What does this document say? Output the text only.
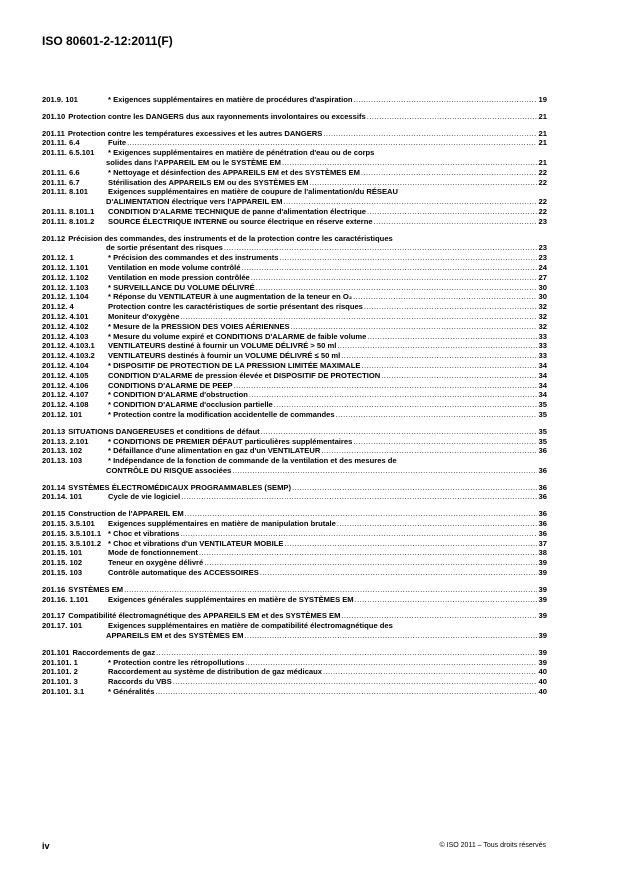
ISO 80601-2-12:2011(F)
201.9. 101	* Exigences supplémentaires en matière de procédures d'aspiration .....	19
201.10 Protection contre les DANGERS dus aux rayonnements involontaires ou excessifs .....	21
201.11 Protection contre les températures excessives et les autres DANGERS .....	21
201.11. 6.4	Fuite .....	21
201.11. 6.5.101	* Exigences supplémentaires en matière de pénétration d'eau ou de corps
solides dans l'APPAREIL EM ou le SYSTÈME EM .....	21
201.11. 6.6	* Nettoyage et désinfection des APPAREILS EM et des SYSTÈMES EM .....	22
201.11. 6.7	Stérilisation des APPAREILS EM ou des SYSTÈMES EM .....	22
201.11. 8.101	Exigences supplémentaires en matière de coupure de l'alimentation/du RÉSEAU
D'ALIMENTATION électrique vers l'APPAREIL EM .....	22
201.11. 8.101.1	CONDITION D'ALARME TECHNIQUE de panne d'alimentation électrique .....	22
201.11. 8.101.2	SOURCE ÉLECTRIQUE INTERNE ou source électrique en réserve externe .....	23
201.12 Précision des commandes, des instruments et de la protection contre les caractéristiques
de sortie présentant des risques .....	23
201.12. 1	* Précision des commandes et des instruments .....	23
201.12. 1.101	Ventilation en mode volume contrôlé .....	24
201.12. 1.102	Ventilation en mode pression contrôlée .....	27
201.12. 1.103	* SURVEILLANCE DU VOLUME DÉLIVRÉ .....	30
201.12. 1.104	* Réponse du VENTILATEUR à une augmentation de la teneur en O₂ .....	30
201.12. 4	Protection contre les caractéristiques de sortie présentant des risques .....	32
201.12. 4.101	Moniteur d'oxygène .....	32
201.12. 4.102	* Mesure de la PRESSION DES VOIES AÉRIENNES .....	32
201.12. 4.103	* Mesure du volume expiré et CONDITIONS D'ALARME de faible volume .....	33
201.12. 4.103.1	VENTILATEURS destiné à fournir un VOLUME DÉLIVRÉ > 50 ml .....	33
201.12. 4.103.2	VENTILATEURS destinés à fournir un VOLUME DÉLIVRÉ ≤ 50 ml .....	33
201.12. 4.104	* DISPOSITIF DE PROTECTION DE LA PRESSION LIMITÉE MAXIMALE .....	34
201.12. 4.105	CONDITION D'ALARME de pression élevée et DISPOSITIF DE PROTECTION .....	34
201.12. 4.106	CONDITIONS D'ALARME DE PEEP .....	34
201.12. 4.107	* CONDITION D'ALARME d'obstruction .....	34
201.12. 4.108	* CONDITION D'ALARME d'occlusion partielle .....	35
201.12. 101	* Protection contre la modification accidentelle de commandes .....	35
201.13 SITUATIONS DANGEREUSES et conditions de défaut .....	35
201.13. 2.101	* CONDITIONS DE PREMIER DÉFAUT particulières supplémentaires .....	35
201.13. 102	* Défaillance d'une alimentation en gaz d'un VENTILATEUR .....	36
201.13. 103	* Indépendance de la fonction de commande de la ventilation et des mesures de
CONTRÔLE DU RISQUE associées .....	36
201.14 SYSTÈMES ÉLECTROMÉDICAUX PROGRAMMABLES (SEMP) .....	36
201.14. 101	Cycle de vie logiciel .....	36
201.15 Construction de l'APPAREIL EM .....	36
201.15. 3.5.101	Exigences supplémentaires en matière de manipulation brutale .....	36
201.15. 3.5.101.1 * Choc et vibrations .....	36
201.15. 3.5.101.2 * Choc et vibrations d'un VENTILATEUR MOBILE .....	37
201.15. 101	Mode de fonctionnement .....	38
201.15. 102	Teneur en oxygène délivré .....	39
201.15. 103	Contrôle automatique des ACCESSOIRES .....	39
201.16 SYSTÈMES EM .....	39
201.16. 1.101	Exigences générales supplémentaires en matière de SYSTÈMES EM .....	39
201.17 Compatibilité électromagnétique des APPAREILS EM et des SYSTÈMES EM .....	39
201.17. 101	Exigences supplémentaires en matière de compatibilité électromagnétique des
APPAREILS EM et des SYSTÈMES EM .....	39
201.101 Raccordements de gaz .....	39
201.101. 1	* Protection contre les rétropollutions .....	39
201.101. 2	Raccordement au système de distribution de gaz médicaux .....	40
201.101. 3	Raccords du VBS .....	40
201.101. 3.1	* Généralités .....	40
iv	© ISO 2011 – Tous droits réservés
